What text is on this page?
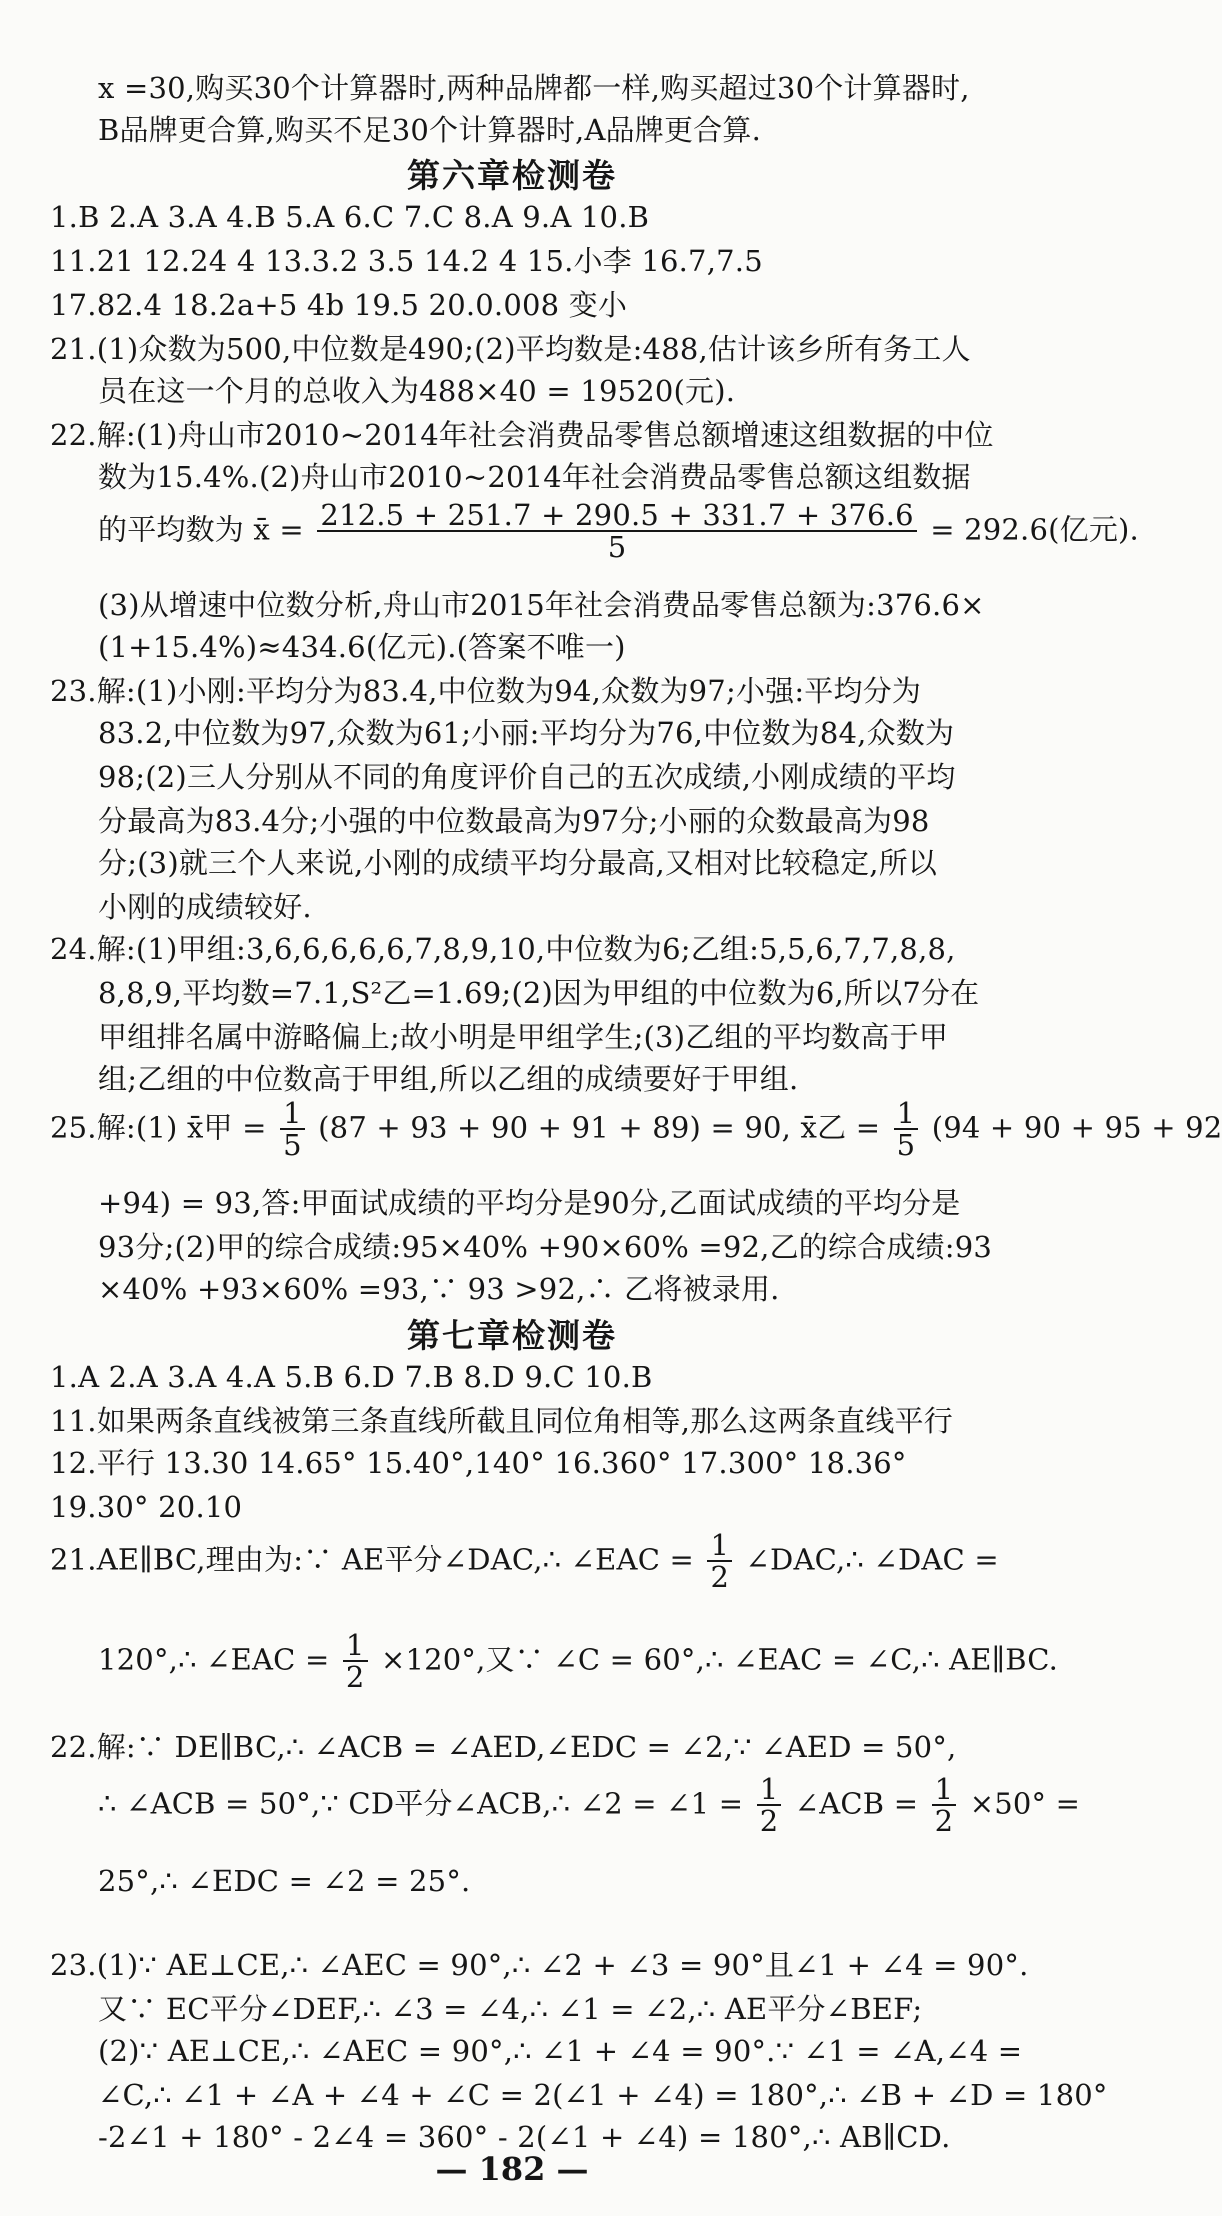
x =30,购买30个计算器时,两种品牌都一样,购买超过30个计算器时,
B品牌更合算,购买不足30个计算器时,A品牌更合算.
第六章检测卷
1.B 2.A 3.A 4.B 5.A 6.C 7.C 8.A 9.A 10.B
11.21 12.24 4 13.3.2 3.5 14.2 4 15.小李 16.7,7.5
17.82.4 18.2a+5 4b 19.5 20.0.008 变小
21.(1)众数为500,中位数是490;(2)平均数是:488,估计该乡所有务工人
员在这一个月的总收入为488×40 = 19520(元).
22.解:(1)舟山市2010~2014年社会消费品零售总额增速这组数据的中位
数为15.4%.(2)舟山市2010~2014年社会消费品零售总额这组数据
的平均数为 x̄ = $\frac{212.5 + 251.7 + 290.5 + 331.7 + 376.6}{5} = 292.6$(亿元).
(3)从增速中位数分析,舟山市2015年社会消费品零售总额为:376.6×
(1+15.4%)≈434.6(亿元).(答案不唯一)
23.解:(1)小刚:平均分为83.4,中位数为94,众数为97;小强:平均分为
83.2,中位数为97,众数为61;小丽:平均分为76,中位数为84,众数为
98;(2)三人分别从不同的角度评价自己的五次成绩,小刚成绩的平均
分最高为83.4分;小强的中位数最高为97分;小丽的众数最高为98
分;(3)就三个人来说,小刚的成绩平均分最高,又相对比较稳定,所以
小刚的成绩较好.
24.解:(1)甲组:3,6,6,6,6,6,7,8,9,10,中位数为6;乙组:5,5,6,7,7,8,8,
8,8,9,平均数=7.1,S²乙=1.69;(2)因为甲组的中位数为6,所以7分在
甲组排名属中游略偏上;故小明是甲组学生;(3)乙组的平均数高于甲
组;乙组的中位数高于甲组,所以乙组的成绩要好于甲组.
25.解:(1) x̄甲 = $\frac{1}{5} (87 + 93 + 90 + 91 + 89) = 90$, x̄乙 = $\frac{1}{5} (94 + 90 + 95 + 92$
+94) = 93,答:甲面试成绩的平均分是90分,乙面试成绩的平均分是
93分;(2)甲的综合成绩:95×40% +90×60% =92,乙的综合成绩:93
×40% +93×60% =93,∵ 93 >92,∴ 乙将被录用.
第七章检测卷
1.A 2.A 3.A 4.A 5.B 6.D 7.B 8.D 9.C 10.B
11.如果两条直线被第三条直线所截且同位角相等,那么这两条直线平行
12.平行 13.30 14.65° 15.40°,140° 16.360° 17.300° 18.36°
19.30° 20.10
21.AE∥BC,理由为:∵ AE平分∠DAC,∴ ∠EAC = $\frac{1}{2}$ ∠DAC,∴ ∠DAC =
120°,∴ ∠EAC = $\frac{1}{2} \times 120^\circ$,又∵ ∠C = 60°,∴ ∠EAC = ∠C,∴ AE∥BC.
22.解:∵ DE∥BC,∴ ∠ACB = ∠AED,∠EDC = ∠2,∵ ∠AED = 50°,
∴ ∠ACB = 50°,∵ CD平分∠ACB,∴ ∠2 = ∠1 = $\frac{1}{2}$ ∠ACB = $\frac{1}{2} \times 50^\circ$ =
25°,∴ ∠EDC = ∠2 = 25°.
23.(1)∵ AE⊥CE,∴ ∠AEC = 90°,∴ ∠2 + ∠3 = 90°且∠1 + ∠4 = 90°.
又∵ EC平分∠DEF,∴ ∠3 = ∠4,∴ ∠1 = ∠2,∴ AE平分∠BEF;
(2)∵ AE⊥CE,∴ ∠AEC = 90°,∴ ∠1 + ∠4 = 90°.∵ ∠1 = ∠A,∠4 =
∠C,∴ ∠1 + ∠A + ∠4 + ∠C = 2(∠1 + ∠4) = 180°,∴ ∠B + ∠D = 180°
-2∠1 + 180° - 2∠4 = 360° - 2(∠1 + ∠4) = 180°,∴ AB∥CD.
— 182 —
